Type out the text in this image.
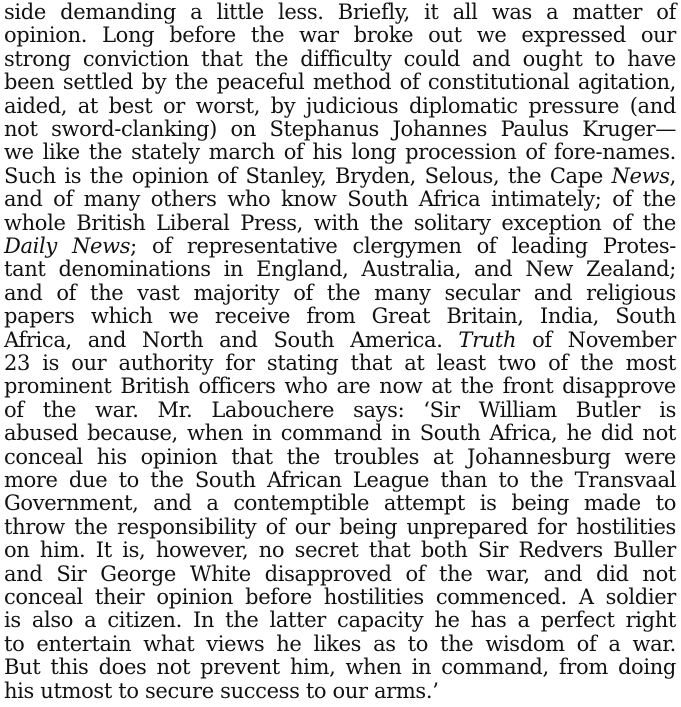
side demanding a little less. Briefly, it all was a matter of
opinion. Long before the war broke out we expressed our
strong conviction that the difficulty could and ought to have
been settled by the peaceful method of constitutional agitation,
aided, at best or worst, by judicious diplomatic pressure (and
not sword-clanking) on Stephanus Johannes Paulus Kruger—
we like the stately march of his long procession of fore-names.
Such is the opinion of Stanley, Bryden, Selous, the Cape News,
and of many others who know South Africa intimately; of the
whole British Liberal Press, with the solitary exception of the
Daily News; of representative clergymen of leading Protes-
tant denominations in England, Australia, and New Zealand;
and of the vast majority of the many secular and religious
papers which we receive from Great Britain, India, South
Africa, and North and South America. Truth of November
23 is our authority for stating that at least two of the most
prominent British officers who are now at the front disapprove
of the war. Mr. Labouchere says: ‘Sir William Butler is
abused because, when in command in South Africa, he did not
conceal his opinion that the troubles at Johannesburg were
more due to the South African League than to the Transvaal
Government, and a contemptible attempt is being made to
throw the responsibility of our being unprepared for hostilities
on him. It is, however, no secret that both Sir Redvers Buller
and Sir George White disapproved of the war, and did not
conceal their opinion before hostilities commenced. A soldier
is also a citizen. In the latter capacity he has a perfect right
to entertain what views he likes as to the wisdom of a war.
But this does not prevent him, when in command, from doing
his utmost to secure success to our arms.’
